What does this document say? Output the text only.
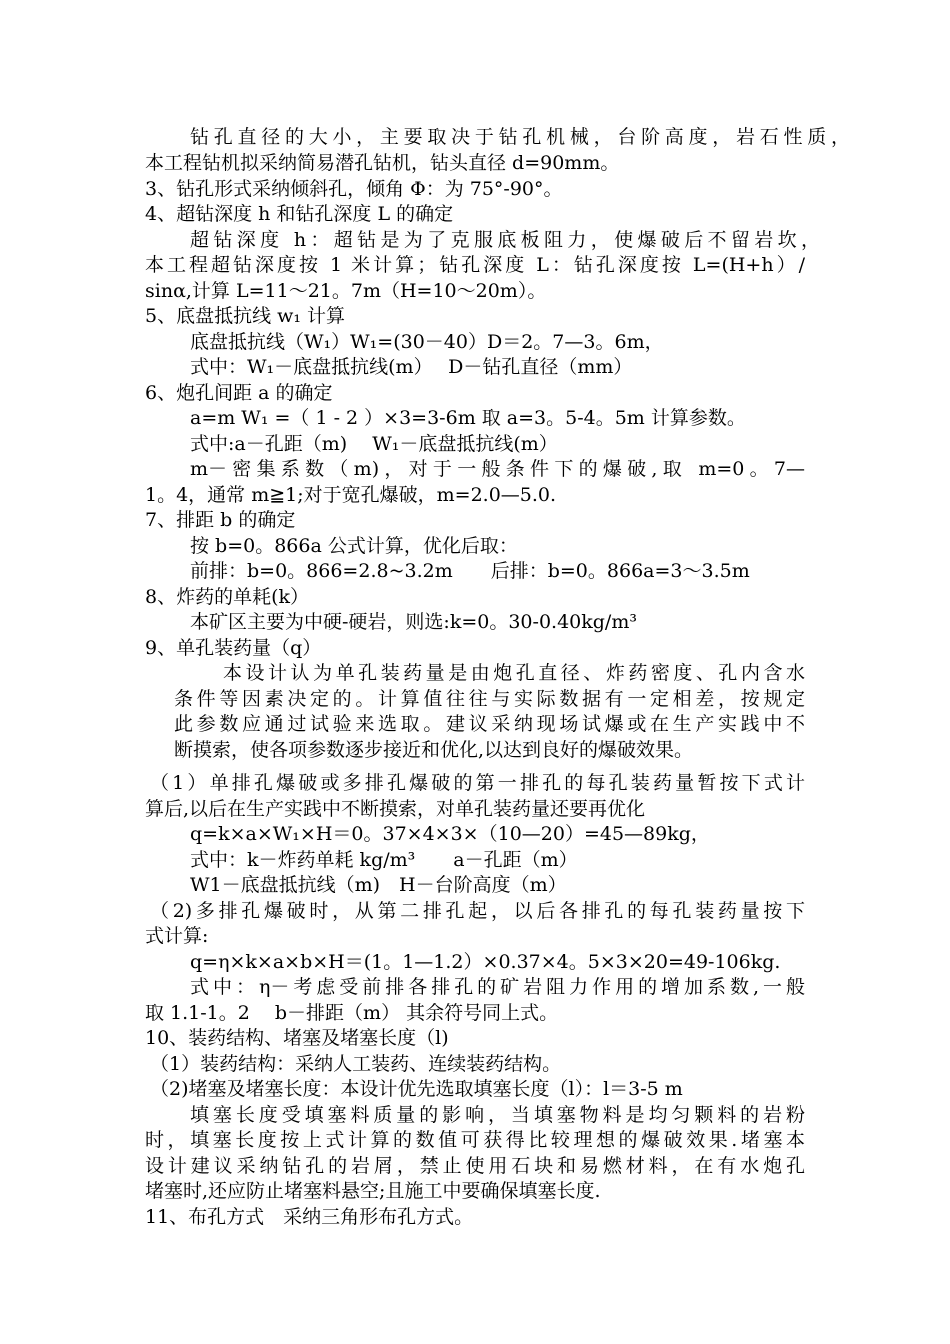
钻孔直径的大小，主要取决于钻孔机械，台阶高度，岩石性质，
本工程钻机拟采纳简易潜孔钻机，钻头直径 d=90mm。
3、钻孔形式采纳倾斜孔，倾角 Φ：为 75°-90°。
4、超钻深度 h 和钻孔深度 L 的确定
超钻深度 h：超钻是为了克服底板阻力，使爆破后不留岩坎，
本工程超钻深度按 1 米计算；钻孔深度 L：钻孔深度按 L=(H+h）/
sinα,计算 L=11～21。7m（H=10～20m）。
5、底盘抵抗线 w₁ 计算
底盘抵抗线（W₁）W₁=(30－40）D＝2。7—3。6m，
式中：W₁－底盘抵抗线(m）　 D－钻孔直径（mm）
6、炮孔间距 a 的确定
a=m W₁ =（ 1 - 2 ）×3=3-6m 取 a=3。5-4。5m 计算参数。
式中:a－孔距（m)　 W₁－底盘抵抗线(m）
m－密集系数（m)，对于一般条件下的爆破,取 m=0。7—
1。4，通常 m≧1;对于宽孔爆破，m=2.0—5.0.
7、排距 b 的确定
按 b=0。866a 公式计算，优化后取：
前排：b=0。866=2.8~3.2m　　后排：b=0。866a=3～3.5m
8、炸药的单耗(k）
本矿区主要为中硬-硬岩，则选:k=0。30-0.40kg/m³
9、单孔装药量（q）
本设计认为单孔装药量是由炮孔直径、炸药密度、孔内含水
条件等因素决定的。计算值往往与实际数据有一定相差，按规定
此参数应通过试验来选取。建议采纳现场试爆或在生产实践中不
断摸索，使各项参数逐步接近和优化,以达到良好的爆破效果。
（1）单排孔爆破或多排孔爆破的第一排孔的每孔装药量暂按下式计
算后,以后在生产实践中不断摸索，对单孔装药量还要再优化
q=k×a×W₁×H＝0。37×4×3×（10—20）=45—89kg，
式中：k－炸药单耗 kg/m³　　a－孔距（m）
W1－底盘抵抗线（m)　H－台阶高度（m）
（2)多排孔爆破时，从第二排孔起，以后各排孔的每孔装药量按下
式计算:
q=η×k×a×b×H＝(1。1—1.2）×0.37×4。5×3×20=49-106kg.
式中：η－考虑受前排各排孔的矿岩阻力作用的增加系数,一般
取 1.1-1。2　 b－排距（m） 其余符号同上式。
10、装药结构、堵塞及堵塞长度（l)
（1）装药结构：采纳人工装药、连续装药结构。
（2)堵塞及堵塞长度：本设计优先选取填塞长度（l）：l＝3-5 m
填塞长度受填塞料质量的影响，当填塞物料是均匀颗料的岩粉
时，填塞长度按上式计算的数值可获得比较理想的爆破效果.堵塞本
设计建议采纳钻孔的岩屑，禁止使用石块和易燃材料，在有水炮孔
堵塞时,还应防止堵塞料悬空;且施工中要确保填塞长度.
11、布孔方式　采纳三角形布孔方式。
